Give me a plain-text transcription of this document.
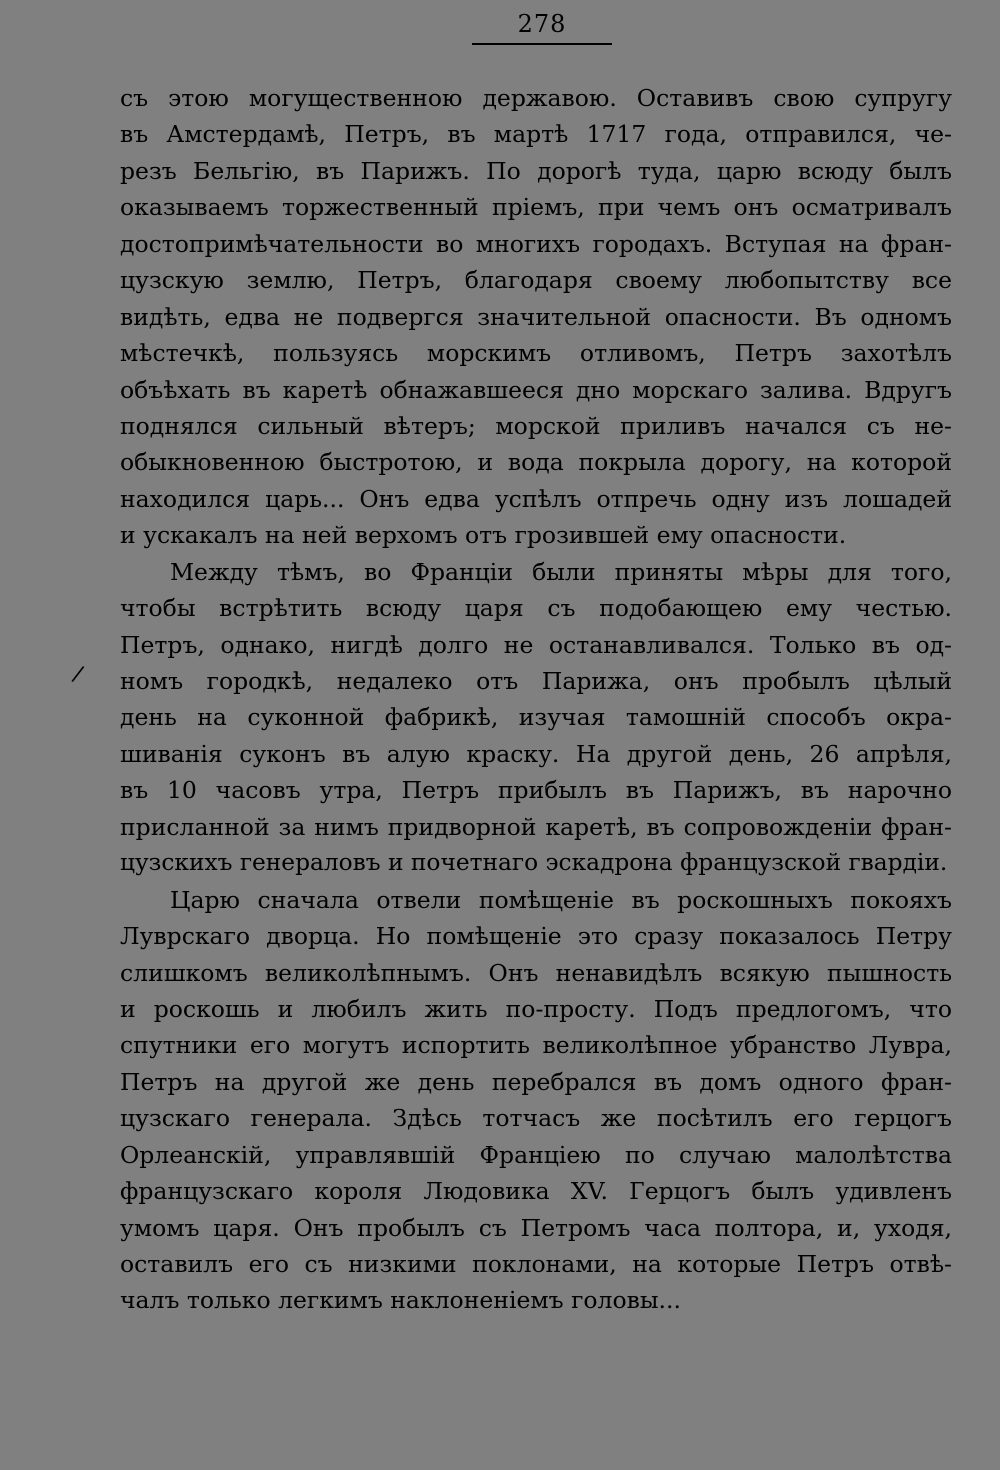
278
/
съ этою могущественною державою. Оставивъ свою супругу
въ Амстердамѣ, Петръ, въ мартѣ 1717 года, отправился, че-
резъ Бельгію, въ Парижъ. По дорогѣ туда, царю всюду былъ
оказываемъ торжественный пріемъ, при чемъ онъ осматривалъ
достопримѣчательности во многихъ городахъ. Вступая на фран-
цузскую землю, Петръ, благодаря своему любопытству все
видѣть, едва не подвергся значительной опасности. Въ одномъ
мѣстечкѣ, пользуясь морскимъ отливомъ, Петръ захотѣлъ
объѣхать въ каретѣ обнажавшееся дно морскаго залива. Вдругъ
поднялся сильный вѣтеръ; морской приливъ начался съ не-
обыкновенною быстротою, и вода покрыла дорогу, на которой
находился царь... Онъ едва успѣлъ отпречь одну изъ лошадей
и ускакалъ на ней верхомъ отъ грозившей ему опасности.
Между тѣмъ, во Франціи были приняты мѣры для того,
чтобы встрѣтить всюду царя съ подобающею ему честью.
Петръ, однако, нигдѣ долго не останавливался. Только въ од-
номъ городкѣ, недалеко отъ Парижа, онъ пробылъ цѣлый
день на суконной фабрикѣ, изучая тамошній способъ окра-
шиванія суконъ въ алую краску. На другой день, 26 апрѣля,
въ 10 часовъ утра, Петръ прибылъ въ Парижъ, въ нарочно
присланной за нимъ придворной каретѣ, въ сопровожденіи фран-
цузскихъ генераловъ и почетнаго эскадрона французской гвардіи.
Царю сначала отвели помѣщеніе въ роскошныхъ покояхъ
Луврскаго дворца. Но помѣщеніе это сразу показалось Петру
слишкомъ великолѣпнымъ. Онъ ненавидѣлъ всякую пышность
и роскошь и любилъ жить по-просту. Подъ предлогомъ, что
спутники его могутъ испортить великолѣпное убранство Лувра,
Петръ на другой же день перебрался въ домъ одного фран-
цузскаго генерала. Здѣсь тотчасъ же посѣтилъ его герцогъ
Орлеанскій, управлявшій Франціею по случаю малолѣтства
французскаго короля Людовика XV. Герцогъ былъ удивленъ
умомъ царя. Онъ пробылъ съ Петромъ часа полтора, и, уходя,
оставилъ его съ низкими поклонами, на которые Петръ отвѣ-
чалъ только легкимъ наклоненіемъ головы...
